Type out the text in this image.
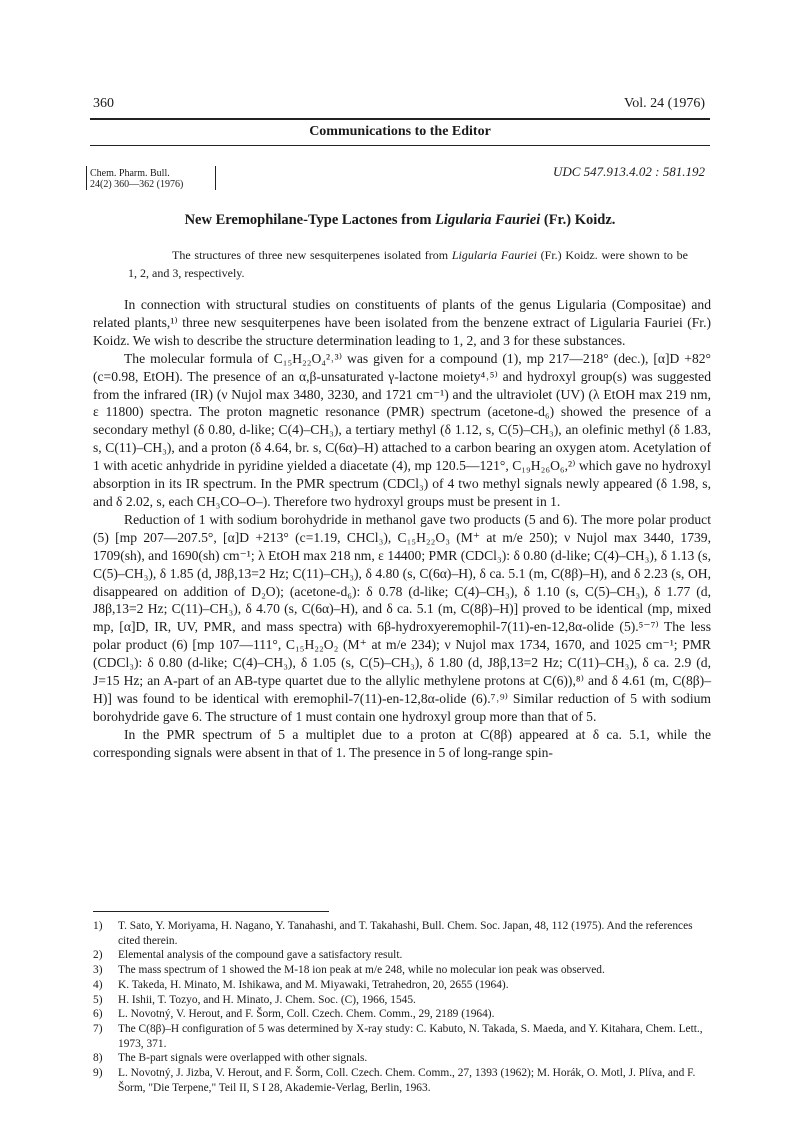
360	Vol. 24 (1976)
Communications to the Editor
Chem. Pharm. Bull.
24(2) 360—362 (1976)
UDC 547.913.4.02 : 581.192
New Eremophilane-Type Lactones from Ligularia Fauriei (Fr.) Koidz.
The structures of three new sesquiterpenes isolated from Ligularia Fauriei (Fr.) Koidz. were shown to be 1, 2, and 3, respectively.

In connection with structural studies on constituents of plants of the genus Ligularia (Compositae) and related plants,¹⁾ three new sesquiterpenes have been isolated from the benzene extract of Ligularia Fauriei (Fr.) Koidz. We wish to describe the structure determination leading to 1, 2, and 3 for these substances.

The molecular formula of C₁₅H₂₂O₄²˒³⁾ was given for a compound (1), mp 217—218° (dec.), [α]D +82° (c=0.98, EtOH). The presence of an α,β-unsaturated γ-lactone moiety⁴˒⁵⁾ and hydroxyl group(s) was suggested from the infrared (IR) (ν Nujol max 3480, 3230, and 1721 cm⁻¹) and the ultraviolet (UV) (λ EtOH max 219 nm, ε 11800) spectra. The proton magnetic resonance (PMR) spectrum (acetone-d₆) showed the presence of a secondary methyl (δ 0.80, d-like; C(4)–CH₃), a tertiary methyl (δ 1.12, s, C(5)–CH₃), an olefinic methyl (δ 1.83, s, C(11)–CH₃), and a proton (δ 4.64, br. s, C(6α)–H) attached to a carbon bearing an oxygen atom. Acetylation of 1 with acetic anhydride in pyridine yielded a diacetate (4), mp 120.5—121°, C₁₉H₂₆O₆,²⁾ which gave no hydroxyl absorption in its IR spectrum. In the PMR spectrum (CDCl₃) of 4 two methyl signals newly appeared (δ 1.98, s, and δ 2.02, s, each CH₃CO–O–). Therefore two hydroxyl groups must be present in 1.

Reduction of 1 with sodium borohydride in methanol gave two products (5 and 6). The more polar product (5) [mp 207—207.5°, [α]D +213° (c=1.19, CHCl₃), C₁₅H₂₂O₃ (M⁺ at m/e 250); ν Nujol max 3440, 1739, 1709(sh), and 1690(sh) cm⁻¹; λ EtOH max 218 nm, ε 14400; PMR (CDCl₃): δ 0.80 (d-like; C(4)–CH₃), δ 1.13 (s, C(5)–CH₃), δ 1.85 (d, J8β,13=2 Hz; C(11)–CH₃), δ 4.80 (s, C(6α)–H), δ ca. 5.1 (m, C(8β)–H), and δ 2.23 (s, OH, disappeared on addition of D₂O); (acetone-d₆): δ 0.78 (d-like; C(4)–CH₃), δ 1.10 (s, C(5)–CH₃), δ 1.77 (d, J8β,13=2 Hz; C(11)–CH₃), δ 4.70 (s, C(6α)–H), and δ ca. 5.1 (m, C(8β)–H)] proved to be identical (mp, mixed mp, [α]D, IR, UV, PMR, and mass spectra) with 6β-hydroxyeremophil-7(11)-en-12,8α-olide (5).⁵⁻⁷⁾ The less polar product (6) [mp 107—111°, C₁₅H₂₂O₂ (M⁺ at m/e 234); ν Nujol max 1734, 1670, and 1025 cm⁻¹; PMR (CDCl₃): δ 0.80 (d-like; C(4)–CH₃), δ 1.05 (s, C(5)–CH₃), δ 1.80 (d, J8β,13=2 Hz; C(11)–CH₃), δ ca. 2.9 (d, J=15 Hz; an A-part of an AB-type quartet due to the allylic methylene protons at C(6)),⁸⁾ and δ 4.61 (m, C(8β)–H)] was found to be identical with eremophil-7(11)-en-12,8α-olide (6).⁷˒⁹⁾ Similar reduction of 5 with sodium borohydride gave 6. The structure of 1 must contain one hydroxyl group more than that of 5.

In the PMR spectrum of 5 a multiplet due to a proton at C(8β) appeared at δ ca. 5.1, while the corresponding signals were absent in that of 1. The presence in 5 of long-range spin-

1)	T. Sato, Y. Moriyama, H. Nagano, Y. Tanahashi, and T. Takahashi, Bull. Chem. Soc. Japan, 48, 112 (1975). And the references cited therein.
2)	Elemental analysis of the compound gave a satisfactory result.
3)	The mass spectrum of 1 showed the M-18 ion peak at m/e 248, while no molecular ion peak was observed.
4)	K. Takeda, H. Minato, M. Ishikawa, and M. Miyawaki, Tetrahedron, 20, 2655 (1964).
5)	H. Ishii, T. Tozyo, and H. Minato, J. Chem. Soc. (C), 1966, 1545.
6)	L. Novotný, V. Herout, and F. Šorm, Coll. Czech. Chem. Comm., 29, 2189 (1964).
7)	The C(8β)–H configuration of 5 was determined by X-ray study: C. Kabuto, N. Takada, S. Maeda, and Y. Kitahara, Chem. Lett., 1973, 371.
8)	The B-part signals were overlapped with other signals.
9)	L. Novotný, J. Jizba, V. Herout, and F. Šorm, Coll. Czech. Chem. Comm., 27, 1393 (1962); M. Horák, O. Motl, J. Plíva, and F. Šorm, "Die Terpene," Teil II, S I 28, Akademie-Verlag, Berlin, 1963.
